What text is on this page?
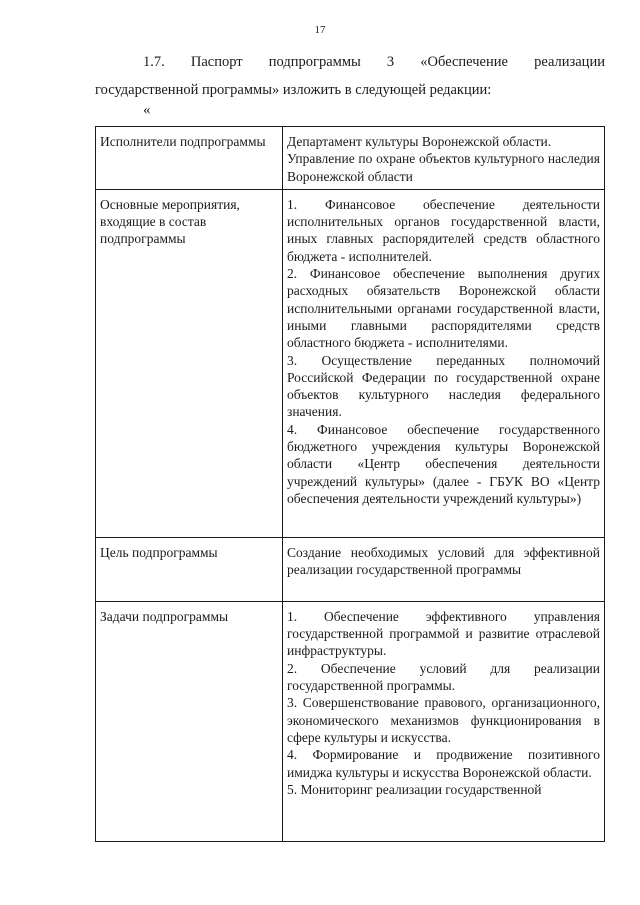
17
1.7. Паспорт подпрограммы 3 «Обеспечение реализации
государственной программы» изложить в следующей редакции:
«
Исполнители подпрограммы	Департамент культуры Воронежской области.
Управление по охране объектов культурного наследия Воронежской области

Основные мероприятия, входящие в состав подпрограммы	1. Финансовое обеспечение деятельности исполнительных органов государственной власти, иных главных распорядителей средств областного бюджета - исполнителей.
2. Финансовое обеспечение выполнения других расходных обязательств Воронежской области исполнительными органами государственной власти, иными главными распорядителями средств областного бюджета - исполнителями.
3. Осуществление переданных полномочий Российской Федерации по государственной охране объектов культурного наследия федерального значения.
4. Финансовое обеспечение государственного бюджетного учреждения культуры Воронежской области «Центр обеспечения деятельности учреждений культуры» (далее - ГБУК ВО «Центр обеспечения деятельности учреждений культуры»)

Цель подпрограммы	Создание необходимых условий для эффективной реализации государственной программы

Задачи подпрограммы	1. Обеспечение эффективного управления государственной программой и развитие отраслевой инфраструктуры.
2. Обеспечение условий для реализации государственной программы.
3. Совершенствование правового, организационного, экономического механизмов функционирования в сфере культуры и искусства.
4. Формирование и продвижение позитивного имиджа культуры и искусства Воронежской области.
5. Мониторинг реализации государственной
